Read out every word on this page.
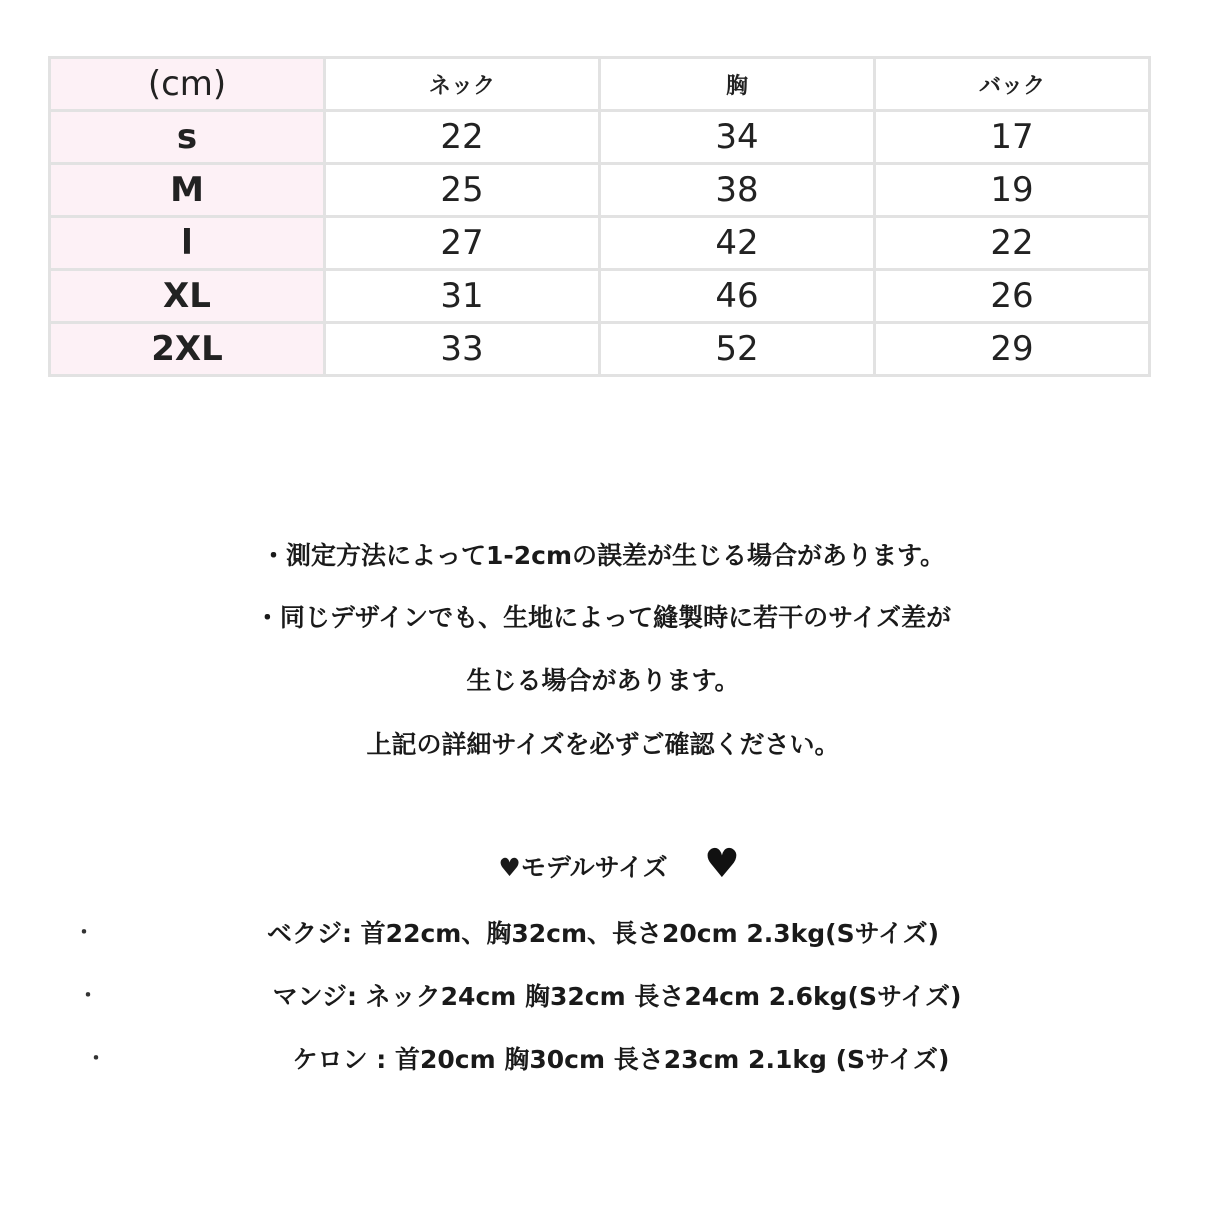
(cm)	ネック	胸	バック
s	22	34	17
M	25	38	19
l	27	42	22
XL	31	46	26
2XL	33	52	29
・測定方法によって1-2cmの誤差が生じる場合があります。
・同じデザインでも、生地によって縫製時に若干のサイズ差が
生じる場合があります。
上記の詳細サイズを必ずご確認ください。
♥モデルサイズ ♥
・	ベクジ: 首22cm、胸32cm、長さ20cm 2.3kg(Sサイズ)
・	マンジ: ネック24cm 胸32cm 長さ24cm 2.6kg(Sサイズ)
・	ケロン : 首20cm 胸30cm 長さ23cm 2.1kg (Sサイズ)
